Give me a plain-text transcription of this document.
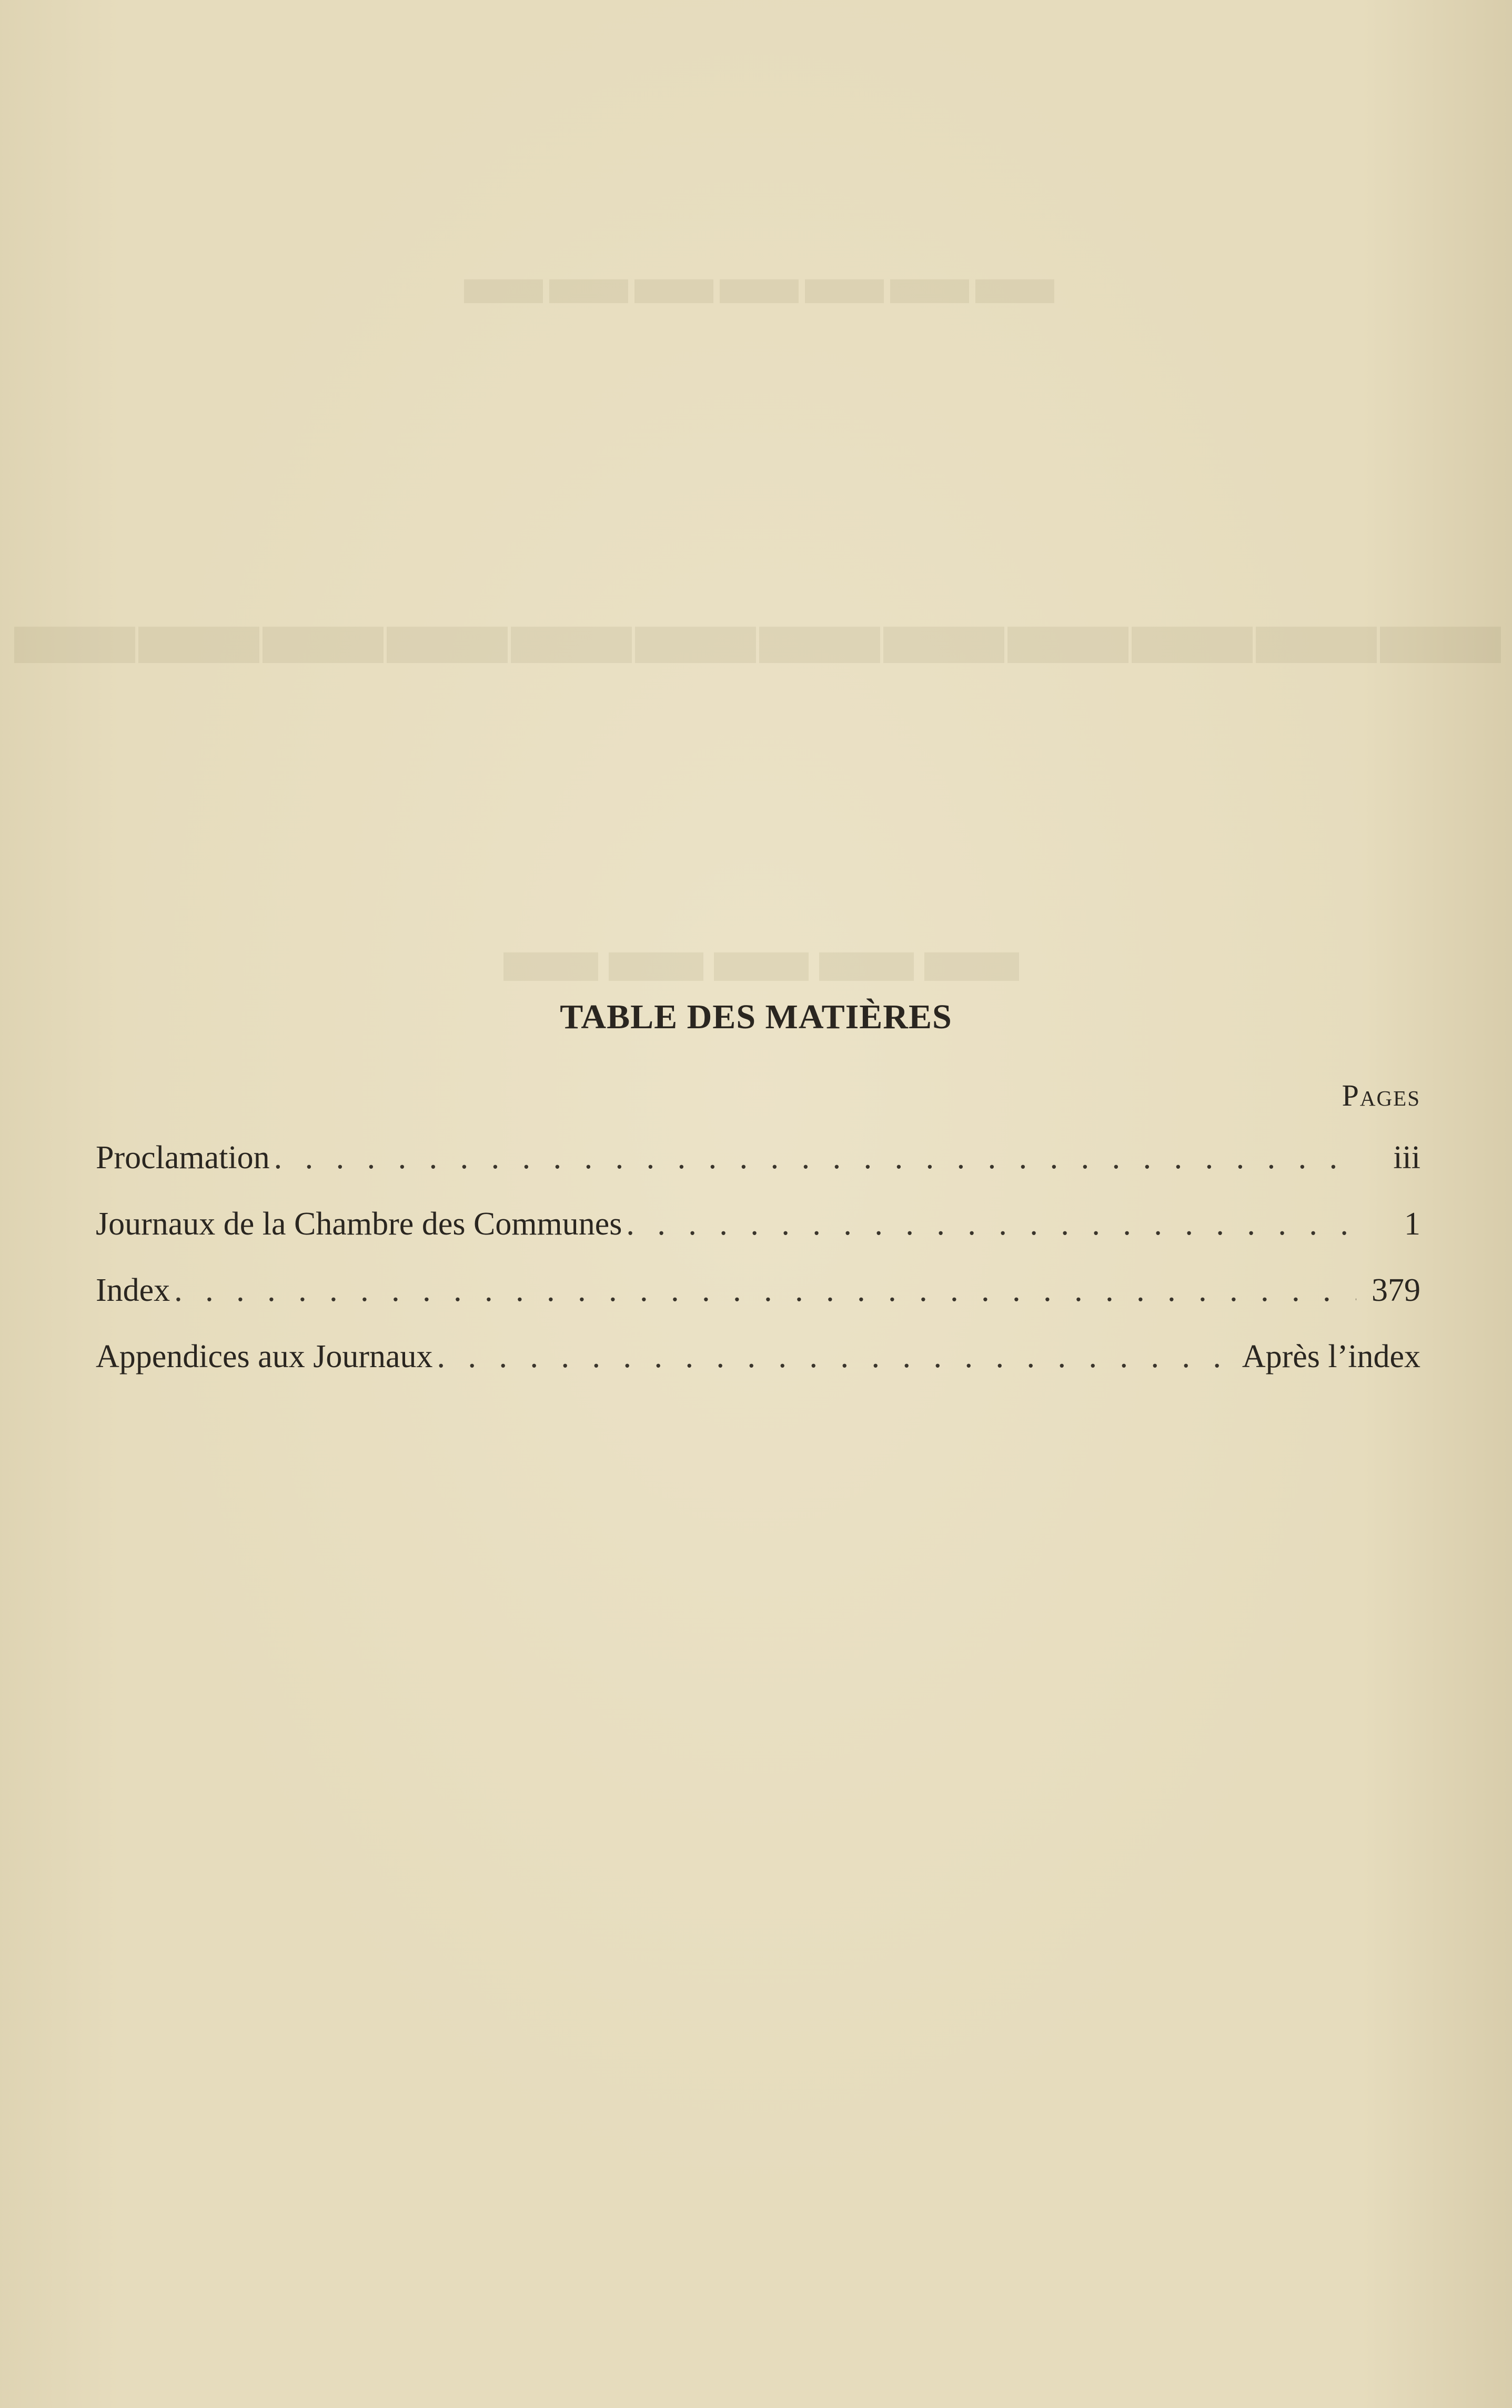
▬▬▬▬▬▬▬
▬▬▬▬▬▬▬▬▬▬▬▬
▬▬▬▬▬
TABLE DES MATIÈRES
Pages
Proclamation . . .	iii
Journaux de la Chambre des Communes . . .	1
Index . . .	379
Appendices aux Journaux . . .	Après l’index
